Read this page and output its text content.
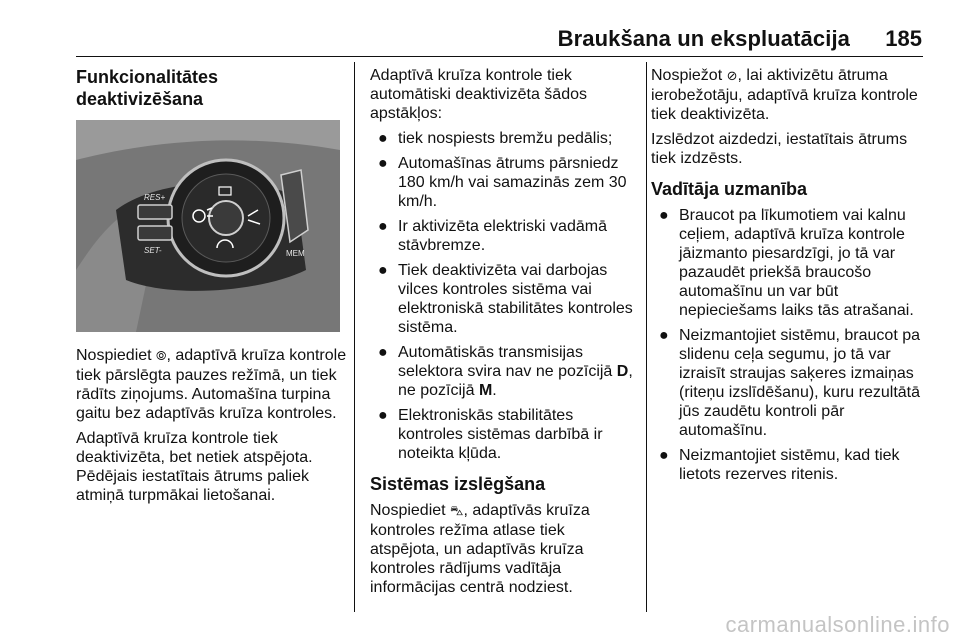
Braukšana un ekspluatācija 185
Funkcionalitātes deaktivizēšana
RES+
SET-	MEM

Nospiediet ⦾, adaptīvā kruīza kontrole tiek pārslēgta pauzes režīmā, un tiek rādīts ziņojums. Automašīna turpina gaitu bez adaptīvās kruīza kontroles.

Adaptīvā kruīza kontrole tiek deaktivizēta, bet netiek atspējota. Pēdējais iestatītais ātrums paliek atmiņā turpmākai lietošanai.

Adaptīvā kruīza kontrole tiek automātiski deaktivizēta šādos apstākļos:

● tiek nospiests bremžu pedālis;
● Automašīnas ātrums pārsniedz 180 km/h vai samazinās zem 30 km/h.
● Ir aktivizēta elektriski vadāmā stāvbremze.
● Tiek deaktivizēta vai darbojas vilces kontroles sistēma vai elektroniskā stabilitātes kontroles sistēma.
● Automātiskās transmisijas selektora svira nav ne pozīcijā D, ne pozīcijā M.
● Elektroniskās stabilitātes kontroles sistēmas darbībā ir noteikta kļūda.
Sistēmas izslēgšana

Nospiediet ⛍, adaptīvās kruīza kontroles režīma atlase tiek atspējota, un adaptīvās kruīza kontroles rādījums vadītāja informācijas centrā nodziest.

Nospiežot ⊘, lai aktivizētu ātruma ierobežotāju, adaptīvā kruīza kontrole tiek deaktivizēta.

Izslēdzot aizdedzi, iestatītais ātrums tiek izdzēsts.

Vadītāja uzmanība
● Braucot pa līkumotiem vai kalnu ceļiem, adaptīvā kruīza kontrole jāizmanto piesardzīgi, jo tā var pazaudēt priekšā braucošo automašīnu un var būt nepieciešams laiks tās atrašanai.
● Neizmantojiet sistēmu, braucot pa slidenu ceļa segumu, jo tā var izraisīt straujas saķeres izmaiņas (riteņu izslīdēšanu), kuru rezultātā jūs zaudētu kontroli pār automašīnu.
● Neizmantojiet sistēmu, kad tiek lietots rezerves ritenis.
carmanualsonline.info
